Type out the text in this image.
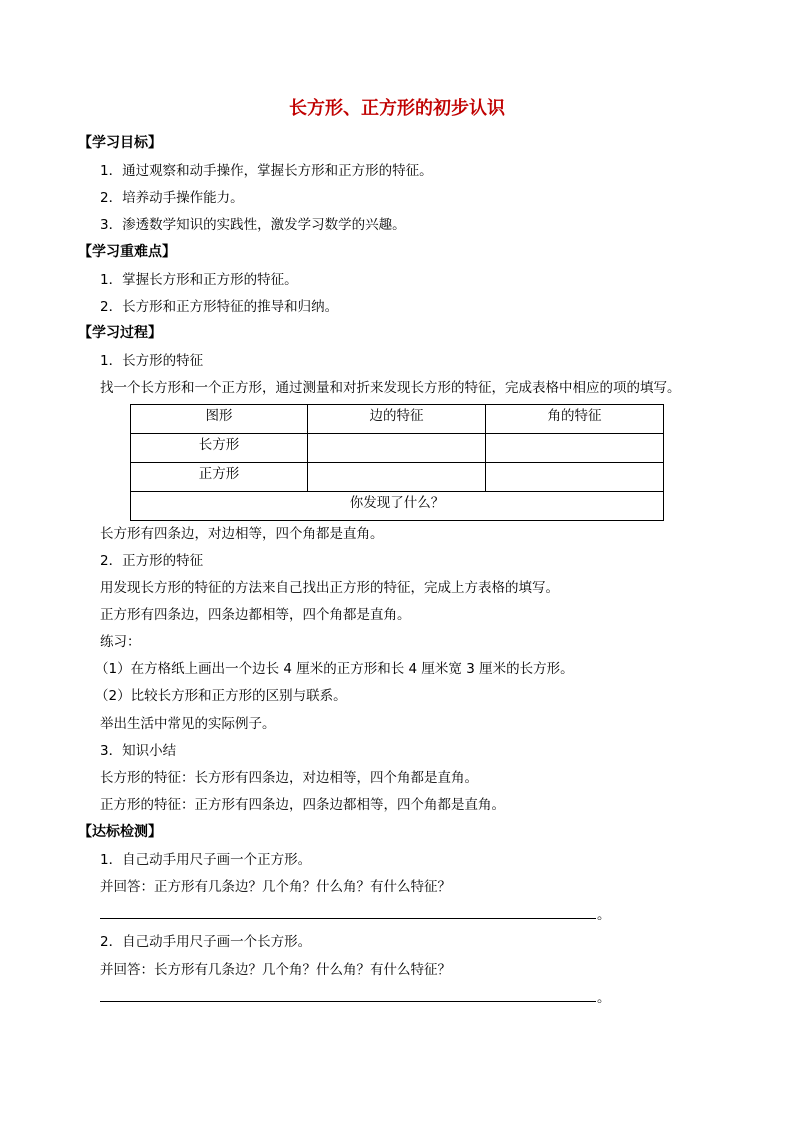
长方形、正方形的初步认识
【学习目标】
1．通过观察和动手操作，掌握长方形和正方形的特征。
2．培养动手操作能力。
3．渗透数学知识的实践性，激发学习数学的兴趣。
【学习重难点】
1．掌握长方形和正方形的特征。
2．长方形和正方形特征的推导和归纳。
【学习过程】
1．长方形的特征
找一个长方形和一个正方形，通过测量和对折来发现长方形的特征，完成表格中相应的项的填写。
图形	边的特征	角的特征
长方形		
正方形		
你发现了什么？		
长方形有四条边，对边相等，四个角都是直角。
2．正方形的特征
用发现长方形的特征的方法来自己找出正方形的特征，完成上方表格的填写。
正方形有四条边，四条边都相等，四个角都是直角。
练习：
（1）在方格纸上画出一个边长 4 厘米的正方形和长 4 厘米宽 3 厘米的长方形。
（2）比较长方形和正方形的区别与联系。
举出生活中常见的实际例子。
3．知识小结
长方形的特征：长方形有四条边，对边相等，四个角都是直角。
正方形的特征：正方形有四条边，四条边都相等，四个角都是直角。
【达标检测】
1．自己动手用尺子画一个正方形。
并回答：正方形有几条边？几个角？什么角？有什么特征？
。
2．自己动手用尺子画一个长方形。
并回答：长方形有几条边？几个角？什么角？有什么特征？
。
